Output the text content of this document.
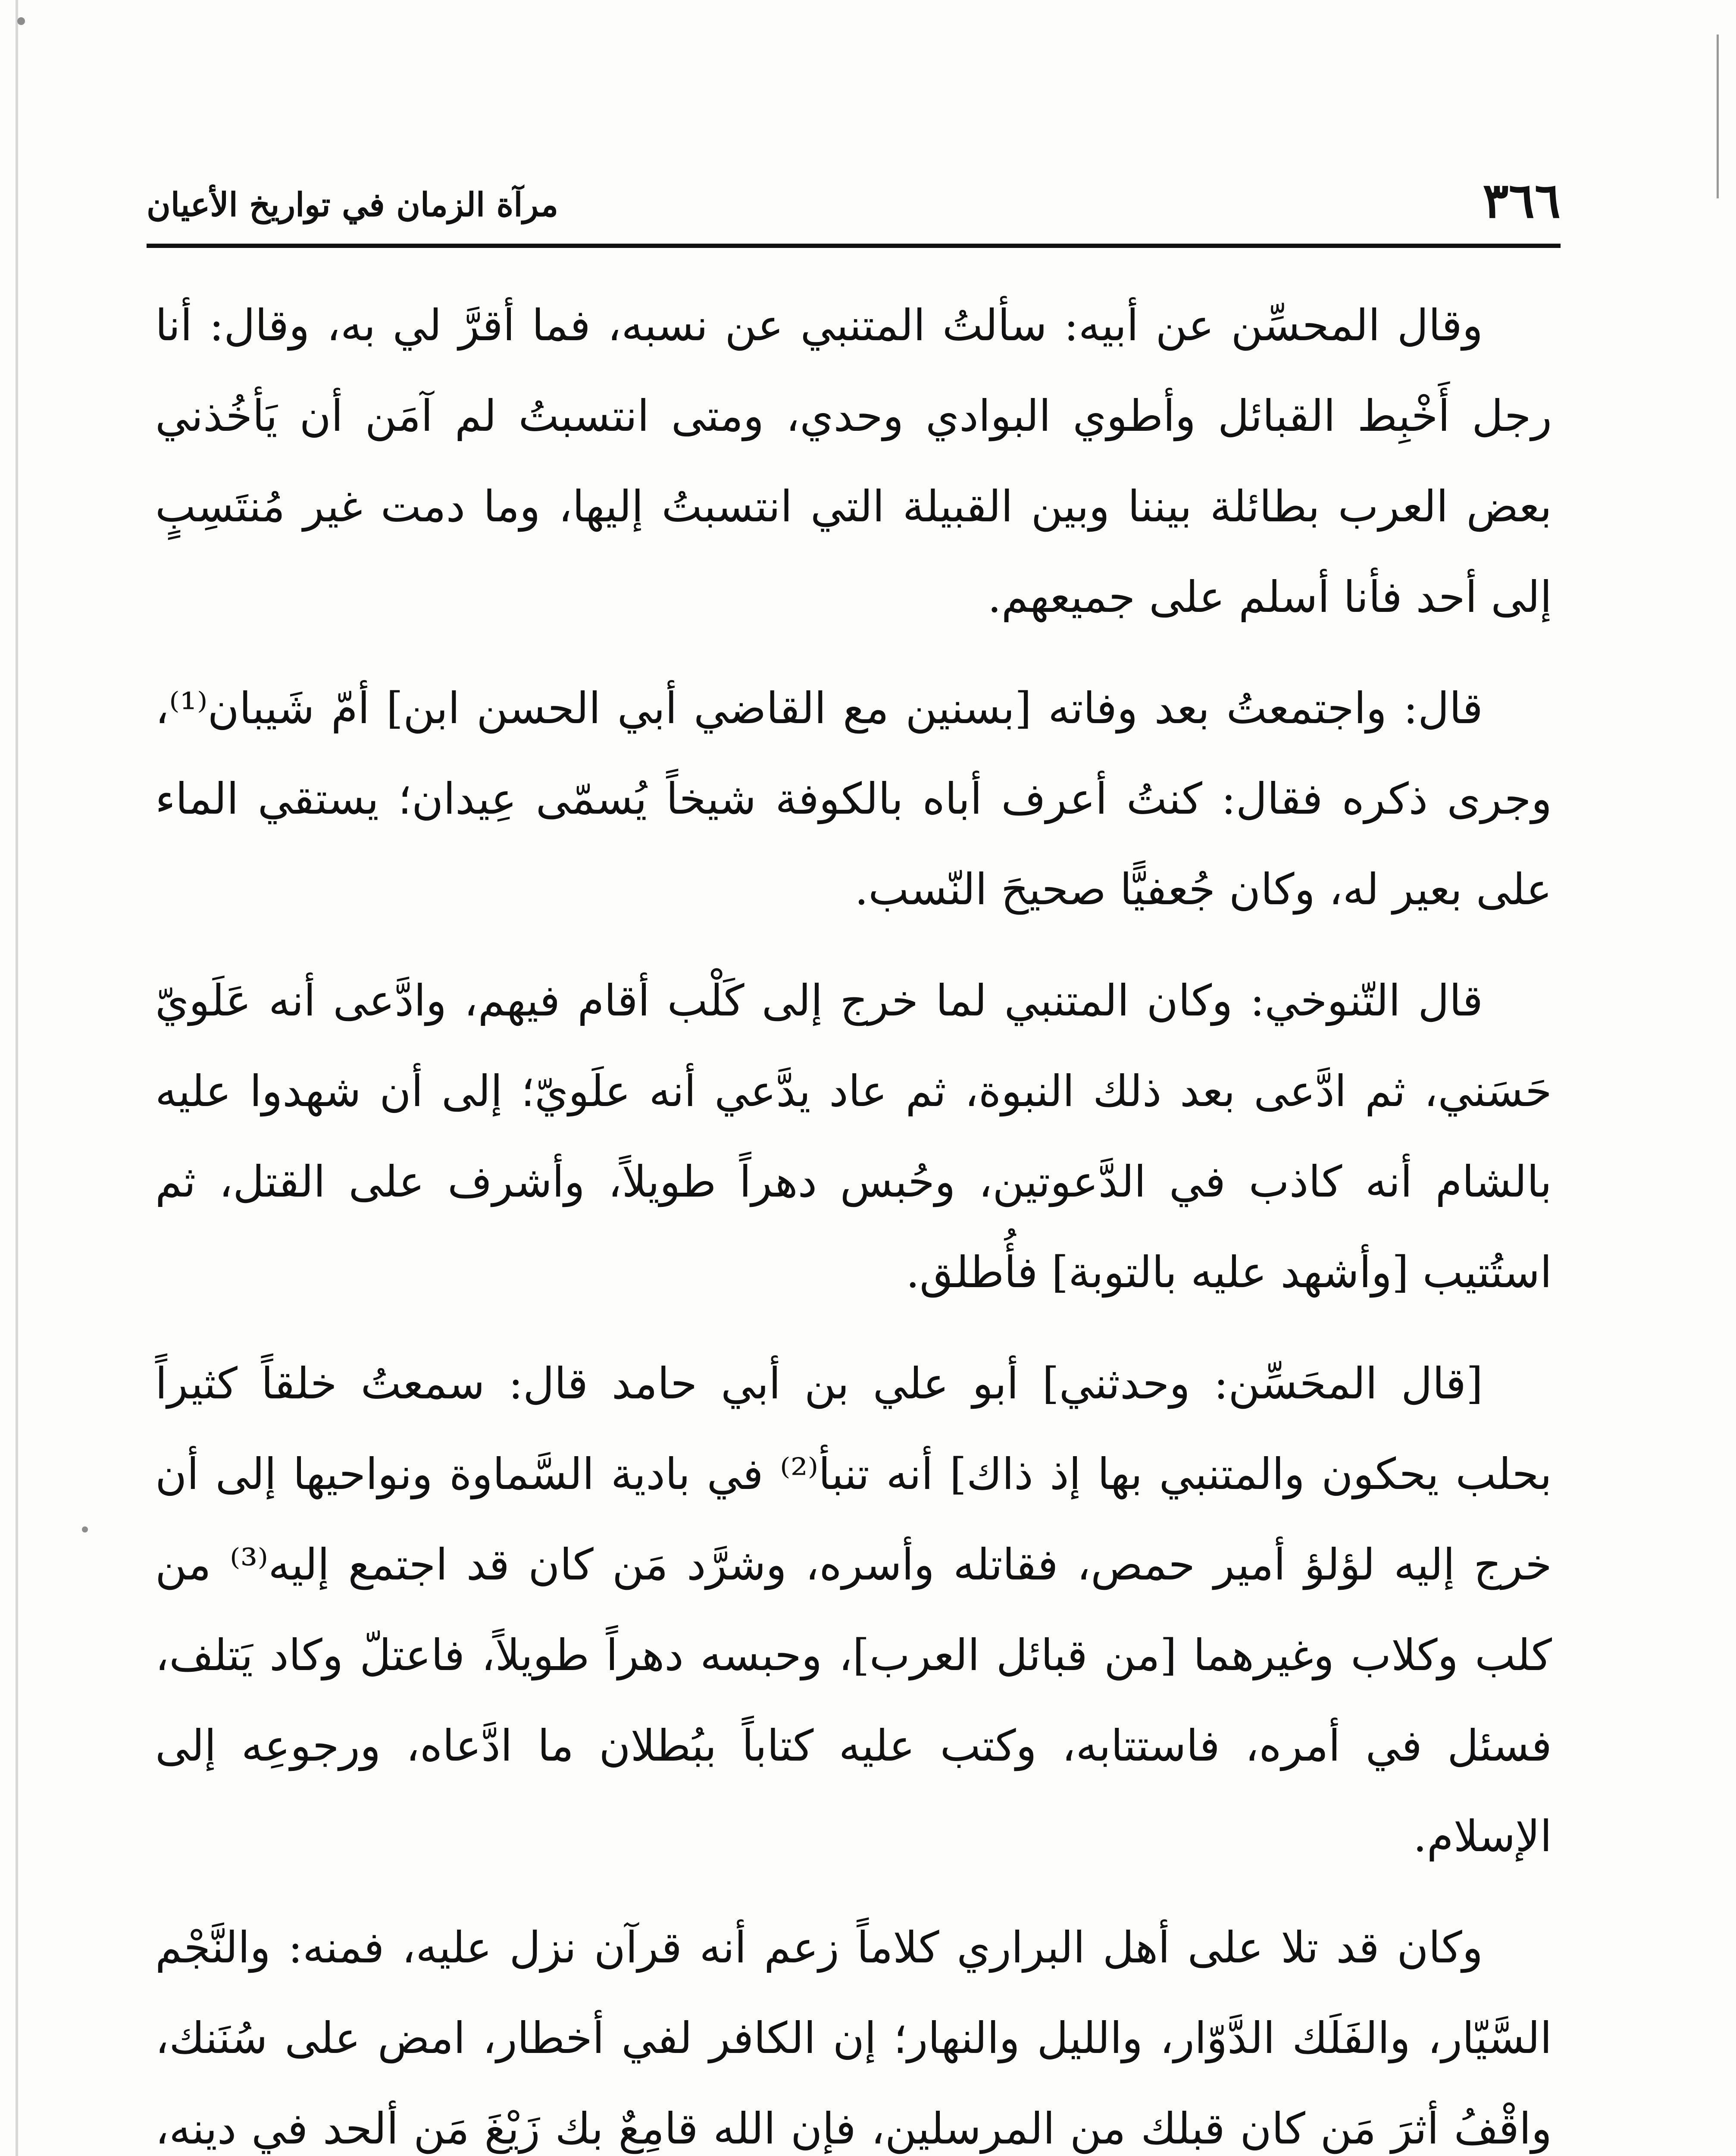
٣٦٦
مرآة الزمان في تواريخ الأعيان

وقال المحسِّن عن أبيه: سألتُ المتنبي عن نسبه، فما أقرَّ لي به، وقال: أنا رجل أَخْبِط القبائل وأطوي البوادي وحدي، ومتى انتسبتُ لم آمَن أن يَأخُذني بعض العرب بطائلة بيننا وبين القبيلة التي انتسبتُ إليها، وما دمت غير مُنتَسِبٍ إلى أحد فأنا أسلم على جميعهم.

قال: واجتمعتُ بعد وفاته [بسنين مع القاضي أبي الحسن ابن] أمّ شَيبان⁽¹⁾، وجرى ذكره فقال: كنتُ أعرف أباه بالكوفة شيخاً يُسمّى عِيدان؛ يستقي الماء على بعير له، وكان جُعفيًّا صحيحَ النّسب.

قال التّنوخي: وكان المتنبي لما خرج إلى كَلْب أقام فيهم، وادَّعى أنه عَلَويّ حَسَني، ثم ادَّعى بعد ذلك النبوة، ثم عاد يدَّعي أنه علَويّ؛ إلى أن شهدوا عليه بالشام أنه كاذب في الدَّعوتين، وحُبس دهراً طويلاً، وأشرف على القتل، ثم استُتيب [وأشهد عليه بالتوبة] فأُطلق.

[قال المحَسِّن: وحدثني] أبو علي بن أبي حامد قال: سمعتُ خلقاً كثيراً بحلب يحكون والمتنبي بها إذ ذاك] أنه تنبأ⁽²⁾ في بادية السَّماوة ونواحيها إلى أن خرج إليه لؤلؤ أمير حمص، فقاتله وأسره، وشرَّد مَن كان قد اجتمع إليه⁽³⁾ من كلب وكلاب وغيرهما [من قبائل العرب]، وحبسه دهراً طويلاً، فاعتلّ وكاد يَتلف، فسئل في أمره، فاستتابه، وكتب عليه كتاباً ببُطلان ما ادَّعاه، ورجوعِه إلى الإسلام.

وكان قد تلا على أهل البراري كلاماً زعم أنه قرآن نزل عليه، فمنه: والنَّجْم السَّيّار، والفَلَك الدَّوّار، والليل والنهار؛ إن الكافر لفي أخطار، امض على سُنَنك، واقْفُ أثرَ مَن كان قبلك من المرسلين، فإن الله قامِعٌ بك زَيْغَ مَن ألحد في دينه،
